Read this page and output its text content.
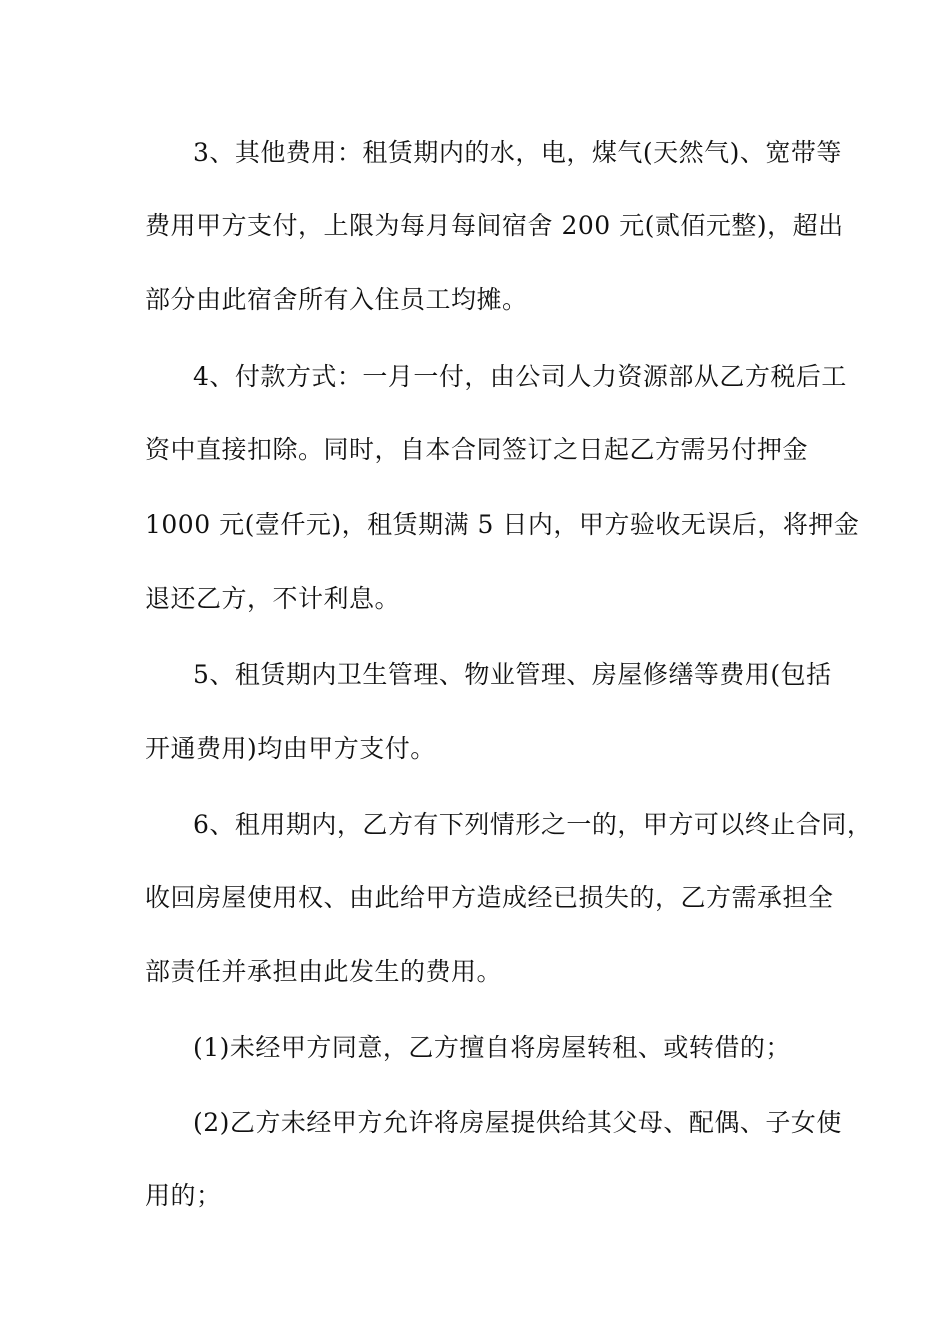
3、其他费用：租赁期内的水，电，煤气(天然气)、宽带等
费用甲方支付，上限为每月每间宿舍 200 元(贰佰元整)，超出
部分由此宿舍所有入住员工均摊。
4、付款方式：一月一付，由公司人力资源部从乙方税后工
资中直接扣除。同时，自本合同签订之日起乙方需另付押金
1000 元(壹仟元)，租赁期满 5 日内，甲方验收无误后，将押金
退还乙方，不计利息。
5、租赁期内卫生管理、物业管理、房屋修缮等费用(包括
开通费用)均由甲方支付。
6、租用期内，乙方有下列情形之一的，甲方可以终止合同，
收回房屋使用权、由此给甲方造成经已损失的，乙方需承担全
部责任并承担由此发生的费用。
(1)未经甲方同意，乙方擅自将房屋转租、或转借的；
(2)乙方未经甲方允许将房屋提供给其父母、配偶、子女使
用的；
